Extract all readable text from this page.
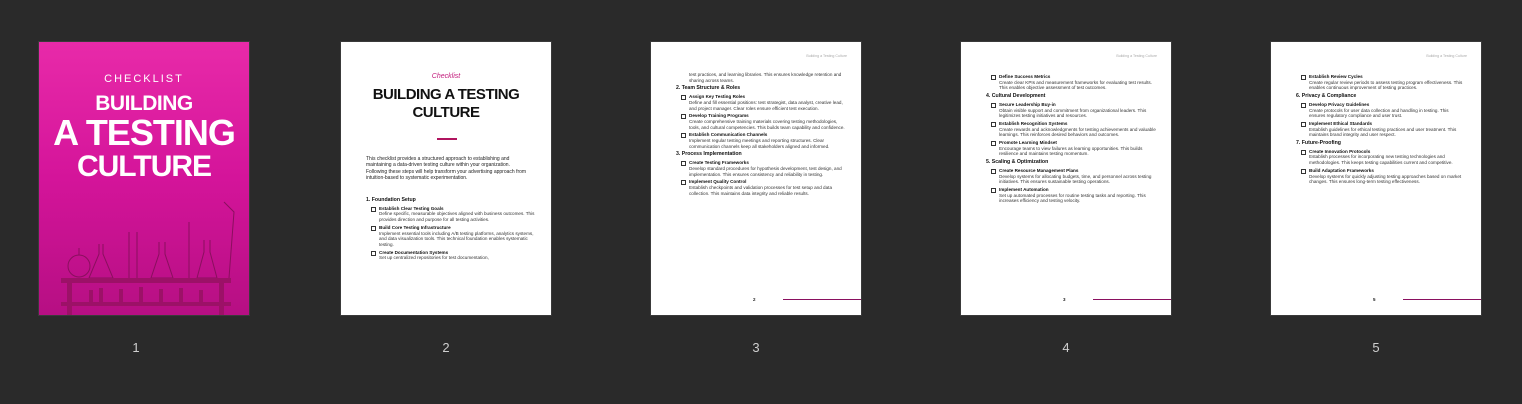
CHECKLIST
BUILDING
A TESTING
CULTURE
1
Checklist
BUILDING A TESTING
CULTURE
This checklist provides a structured approach to establishing and maintaining a data-driven testing culture within your organization. Following these steps will help transform your advertising approach from intuition-based to systematic experimentation.
1. Foundation Setup
Establish Clear Testing Goals
Define specific, measurable objectives aligned with business outcomes. This provides direction and purpose for all testing activities.
Build Core Testing Infrastructure
Implement essential tools including A/B testing platforms, analytics systems, and data visualization tools. This technical foundation enables systematic testing.
Create Documentation Systems
Set up centralized repositories for test documentation,
2
Building a Testing Culture
test practices, and learning libraries. This ensures knowledge retention and sharing across teams.
2. Team Structure & Roles
Assign Key Testing Roles
Define and fill essential positions: test strategist, data analyst, creative lead, and project manager. Clear roles ensure efficient test execution.
Develop Training Programs
Create comprehensive training materials covering testing methodologies, tools, and cultural competencies. This builds team capability and confidence.
Establish Communication Channels
Implement regular testing meetings and reporting structures. Clear communication channels keep all stakeholders aligned and informed.
3. Process Implementation
Create Testing Frameworks
Develop standard procedures for hypothesis development, test design, and implementation. This ensures consistency and reliability in testing.
Implement Quality Control
Establish checkpoints and validation processes for test setup and data collection. This maintains data integrity and reliable results.
2
3
Building a Testing Culture
Define Success Metrics
Create clear KPIs and measurement frameworks for evaluating test results. This enables objective assessment of test outcomes.
4. Cultural Development
Secure Leadership Buy-in
Obtain visible support and commitment from organizational leaders. This legitimizes testing initiatives and resources.
Establish Recognition Systems
Create rewards and acknowledgments for testing achievements and valuable learnings. This reinforces desired behaviors and outcomes.
Promote Learning Mindset
Encourage teams to view failures as learning opportunities. This builds resilience and maintains testing momentum.
5. Scaling & Optimization
Create Resource Management Plans
Develop systems for allocating budgets, time, and personnel across testing initiatives. This ensures sustainable testing operations.
Implement Automation
Set up automated processes for routine testing tasks and reporting. This increases efficiency and testing velocity.
3
4
Building a Testing Culture
Establish Review Cycles
Create regular review periods to assess testing program effectiveness. This enables continuous improvement of testing practices.
6. Privacy & Compliance
Develop Privacy Guidelines
Create protocols for user data collection and handling in testing. This ensures regulatory compliance and user trust.
Implement Ethical Standards
Establish guidelines for ethical testing practices and user treatment. This maintains brand integrity and user respect.
7. Future-Proofing
Create Innovation Protocols
Establish processes for incorporating new testing technologies and methodologies. This keeps testing capabilities current and competitive.
Build Adaptation Frameworks
Develop systems for quickly adjusting testing approaches based on market changes. This ensures long-term testing effectiveness.
5
5
